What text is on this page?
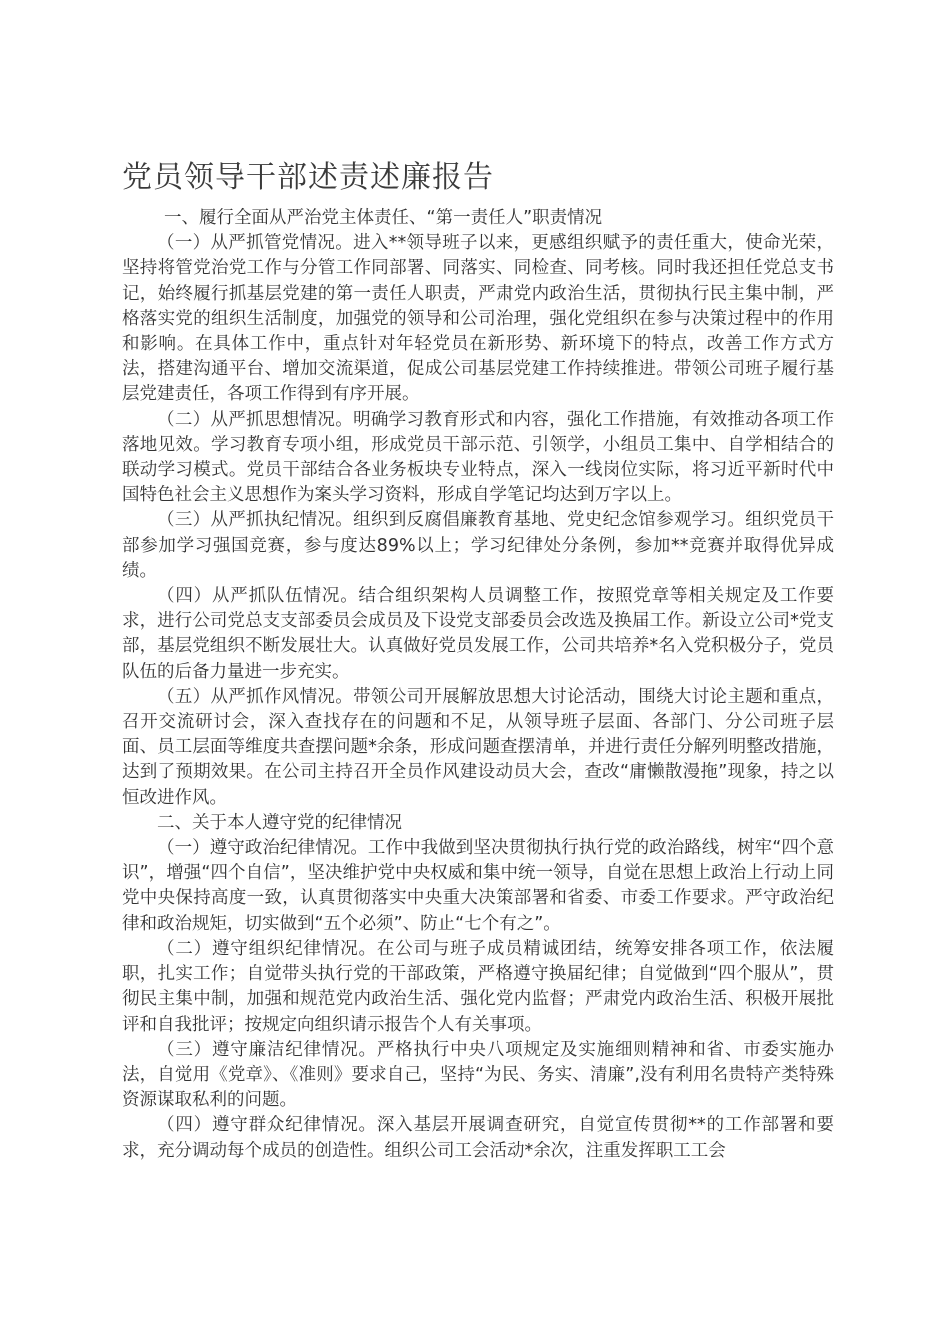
党员领导干部述责述廉报告

一、履行全面从严治党主体责任、“第一责任人”职责情况

（一）从严抓管党情况。进入**领导班子以来，更感组织赋予的责任重大，使命光荣，坚持将管党治党工作与分管工作同部署、同落实、同检查、同考核。同时我还担任党总支书记，始终履行抓基层党建的第一责任人职责，严肃党内政治生活，贯彻执行民主集中制，严格落实党的组织生活制度，加强党的领导和公司治理，强化党组织在参与决策过程中的作用和影响。在具体工作中，重点针对年轻党员在新形势、新环境下的特点，改善工作方式方法，搭建沟通平台、增加交流渠道，促成公司基层党建工作持续推进。带领公司班子履行基层党建责任，各项工作得到有序开展。

（二）从严抓思想情况。明确学习教育形式和内容，强化工作措施，有效推动各项工作落地见效。学习教育专项小组，形成党员干部示范、引领学，小组员工集中、自学相结合的联动学习模式。党员干部结合各业务板块专业特点，深入一线岗位实际，将习近平新时代中国特色社会主义思想作为案头学习资料，形成自学笔记均达到万字以上。

（三）从严抓执纪情况。组织到反腐倡廉教育基地、党史纪念馆参观学习。组织党员干部参加学习强国竞赛，参与度达89%以上；学习纪律处分条例，参加**竞赛并取得优异成绩。

（四）从严抓队伍情况。结合组织架构人员调整工作，按照党章等相关规定及工作要求，进行公司党总支支部委员会成员及下设党支部委员会改选及换届工作。新设立公司*党支部，基层党组织不断发展壮大。认真做好党员发展工作，公司共培养*名入党积极分子，党员队伍的后备力量进一步充实。

（五）从严抓作风情况。带领公司开展解放思想大讨论活动，围绕大讨论主题和重点，召开交流研讨会，深入查找存在的问题和不足，从领导班子层面、各部门、分公司班子层面、员工层面等维度共查摆问题*余条，形成问题查摆清单，并进行责任分解列明整改措施，达到了预期效果。在公司主持召开全员作风建设动员大会，查改“庸懒散漫拖”现象，持之以恒改进作风。

二、关于本人遵守党的纪律情况

（一）遵守政治纪律情况。工作中我做到坚决贯彻执行执行党的政治路线，树牢“四个意识”，增强“四个自信”，坚决维护党中央权威和集中统一领导，自觉在思想上政治上行动上同党中央保持高度一致，认真贯彻落实中央重大决策部署和省委、市委工作要求。严守政治纪律和政治规矩，切实做到“五个必须”、防止“七个有之”。

（二）遵守组织纪律情况。在公司与班子成员精诚团结，统筹安排各项工作，依法履职，扎实工作；自觉带头执行党的干部政策，严格遵守换届纪律；自觉做到“四个服从”，贯彻民主集中制，加强和规范党内政治生活、强化党内监督；严肃党内政治生活、积极开展批评和自我批评；按规定向组织请示报告个人有关事项。

（三）遵守廉洁纪律情况。严格执行中央八项规定及实施细则精神和省、市委实施办法，自觉用《党章》、《准则》要求自己，坚持“为民、务实、清廉”,没有利用名贵特产类特殊资源谋取私利的问题。

（四）遵守群众纪律情况。深入基层开展调查研究，自觉宣传贯彻**的工作部署和要求，充分调动每个成员的创造性。组织公司工会活动*余次，注重发挥职工工会
